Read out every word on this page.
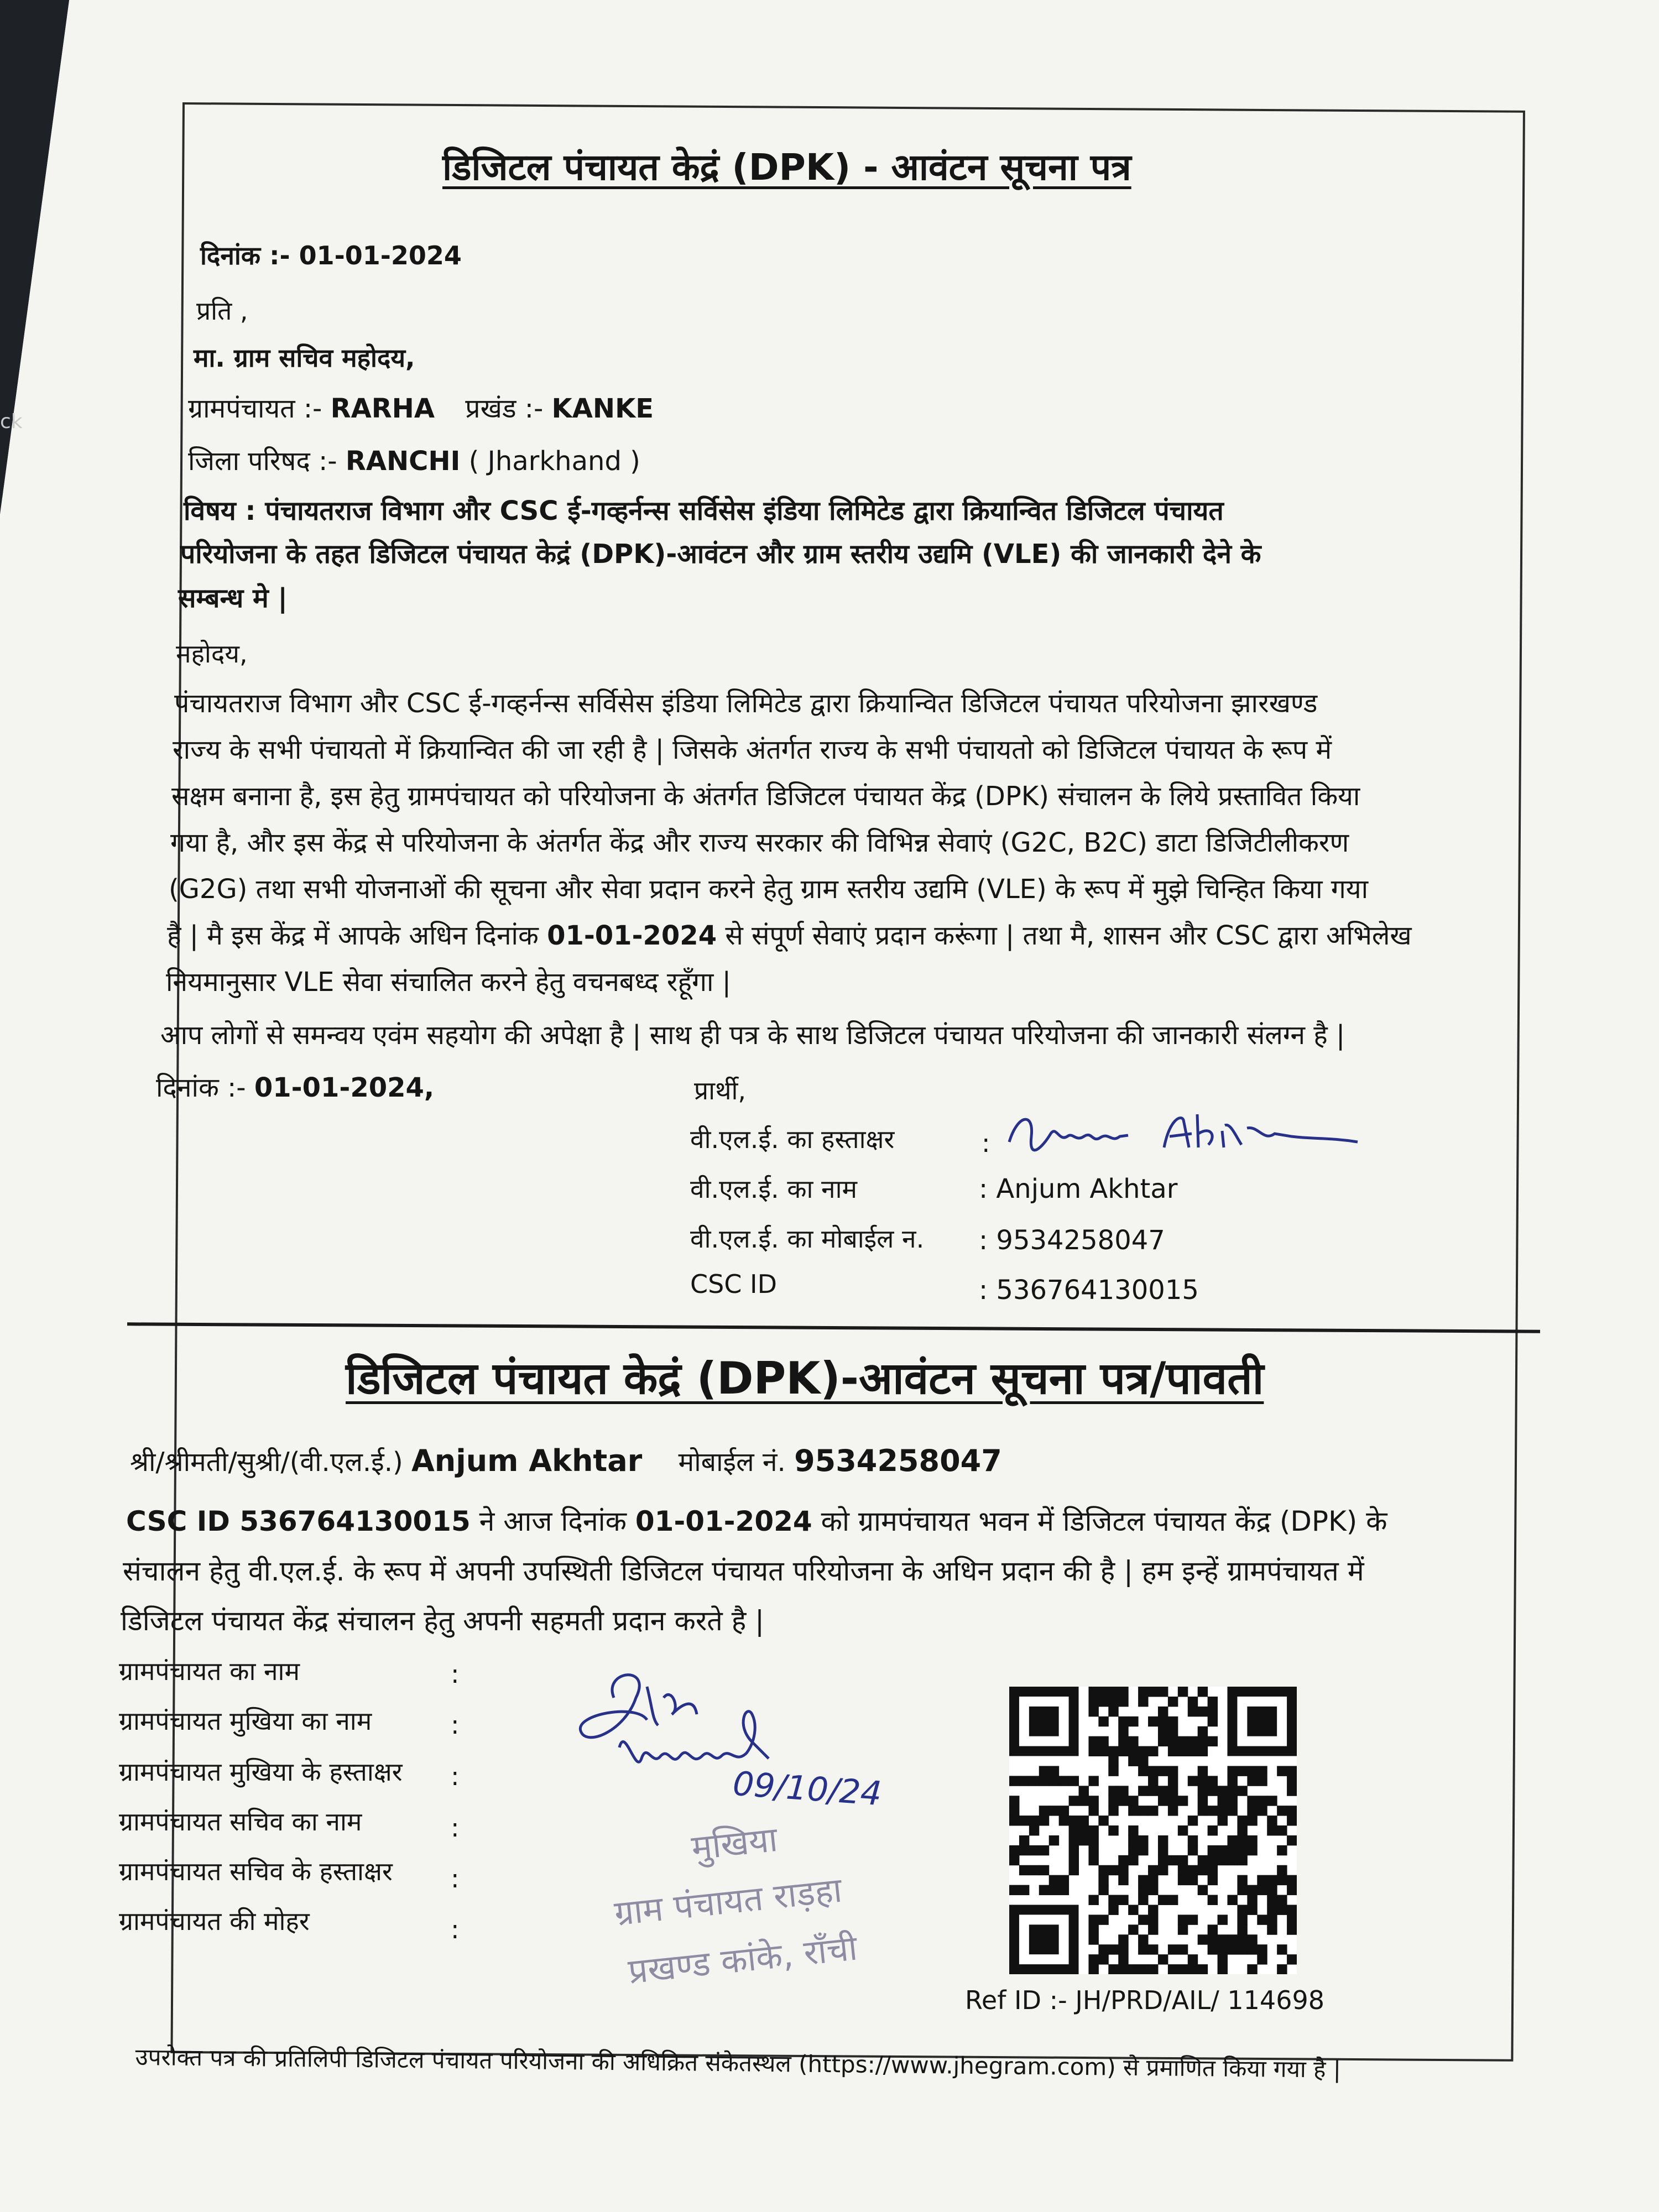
ck
डिजिटल पंचायत केद्रं (DPK) - आवंटन सूचना पत्र
दिनांक :- 01-01-2024
प्रति ,
मा. ग्राम सचिव महोदय,
ग्रामपंचायत :- RARHA प्रखंड :- KANKE
जिला परिषद :- RANCHI ( Jharkhand )
विषय : पंचायतराज विभाग और CSC ई-गव्हर्नन्स सर्विसेस इंडिया लिमिटेड द्वारा क्रियान्वित डिजिटल पंचायत
परियोजना के तहत डिजिटल पंचायत केद्रं (DPK)-आवंटन और ग्राम स्तरीय उद्यमि (VLE) की जानकारी देने के
सम्बन्ध मे |
महोदय,
पंचायतराज विभाग और CSC ई-गव्हर्नन्स सर्विसेस इंडिया लिमिटेड द्वारा क्रियान्वित डिजिटल पंचायत परियोजना झारखण्ड
राज्य के सभी पंचायतो में क्रियान्वित की जा रही है | जिसके अंतर्गत राज्य के सभी पंचायतो को डिजिटल पंचायत के रूप में
सक्षम बनाना है, इस हेतु ग्रामपंचायत को परियोजना के अंतर्गत डिजिटल पंचायत केंद्र (DPK) संचालन के लिये प्रस्तावित किया
गया है, और इस केंद्र से परियोजना के अंतर्गत केंद्र और राज्य सरकार की विभिन्न सेवाएं (G2C, B2C) डाटा डिजिटीलीकरण
(G2G) तथा सभी योजनाओं की सूचना और सेवा प्रदान करने हेतु ग्राम स्तरीय उद्यमि (VLE) के रूप में मुझे चिन्हित किया गया
है | मै इस केंद्र में आपके अधिन दिनांक 01-01-2024 से संपूर्ण सेवाएं प्रदान करूंगा | तथा मै, शासन और CSC द्वारा अभिलेख
नियमानुसार VLE सेवा संचालित करने हेतु वचनबध्द रहूँगा |
आप लोगों से समन्वय एवंम सहयोग की अपेक्षा है | साथ ही पत्र के साथ डिजिटल पंचायत परियोजना की जानकारी संलग्न है |
दिनांक :- 01-01-2024,	प्रार्थी,
वी.एल.ई. का हस्ताक्षर	:
वी.एल.ई. का नाम	: Anjum Akhtar
वी.एल.ई. का मोबाईल न. : 9534258047
CSC ID	: 536764130015
डिजिटल पंचायत केद्रं (DPK)-आवंटन सूचना पत्र/पावती
श्री/श्रीमती/सुश्री/(वी.एल.ई.) Anjum Akhtar मोबाईल नं. 9534258047
CSC ID 536764130015 ने आज दिनांक 01-01-2024 को ग्रामपंचायत भवन में डिजिटल पंचायत केंद्र (DPK) के
संचालन हेतु वी.एल.ई. के रूप में अपनी उपस्थिती डिजिटल पंचायत परियोजना के अधिन प्रदान की है | हम इन्हें ग्रामपंचायत में
डिजिटल पंचायत केंद्र संचालन हेतु अपनी सहमती प्रदान करते है |
ग्रामपंचायत का नाम	:
ग्रामपंचायत मुखिया का नाम	:
ग्रामपंचायत मुखिया के हस्ताक्षर :
ग्रामपंचायत सचिव का नाम	:
ग्रामपंचायत सचिव के हस्ताक्षर :
ग्रामपंचायत की मोहर	:
09/10/24
मुखिया
ग्राम पंचायत राड़हा
प्रखण्ड कांके, राँची
Ref ID :- JH/PRD/AIL/ 114698
उपरोक्त पत्र की प्रतिलिपी डिजिटल पंचायत परियोजना की अधिक्रित संकेतस्थल (https://www.jhegram.com) से प्रमाणित किया गया है |
